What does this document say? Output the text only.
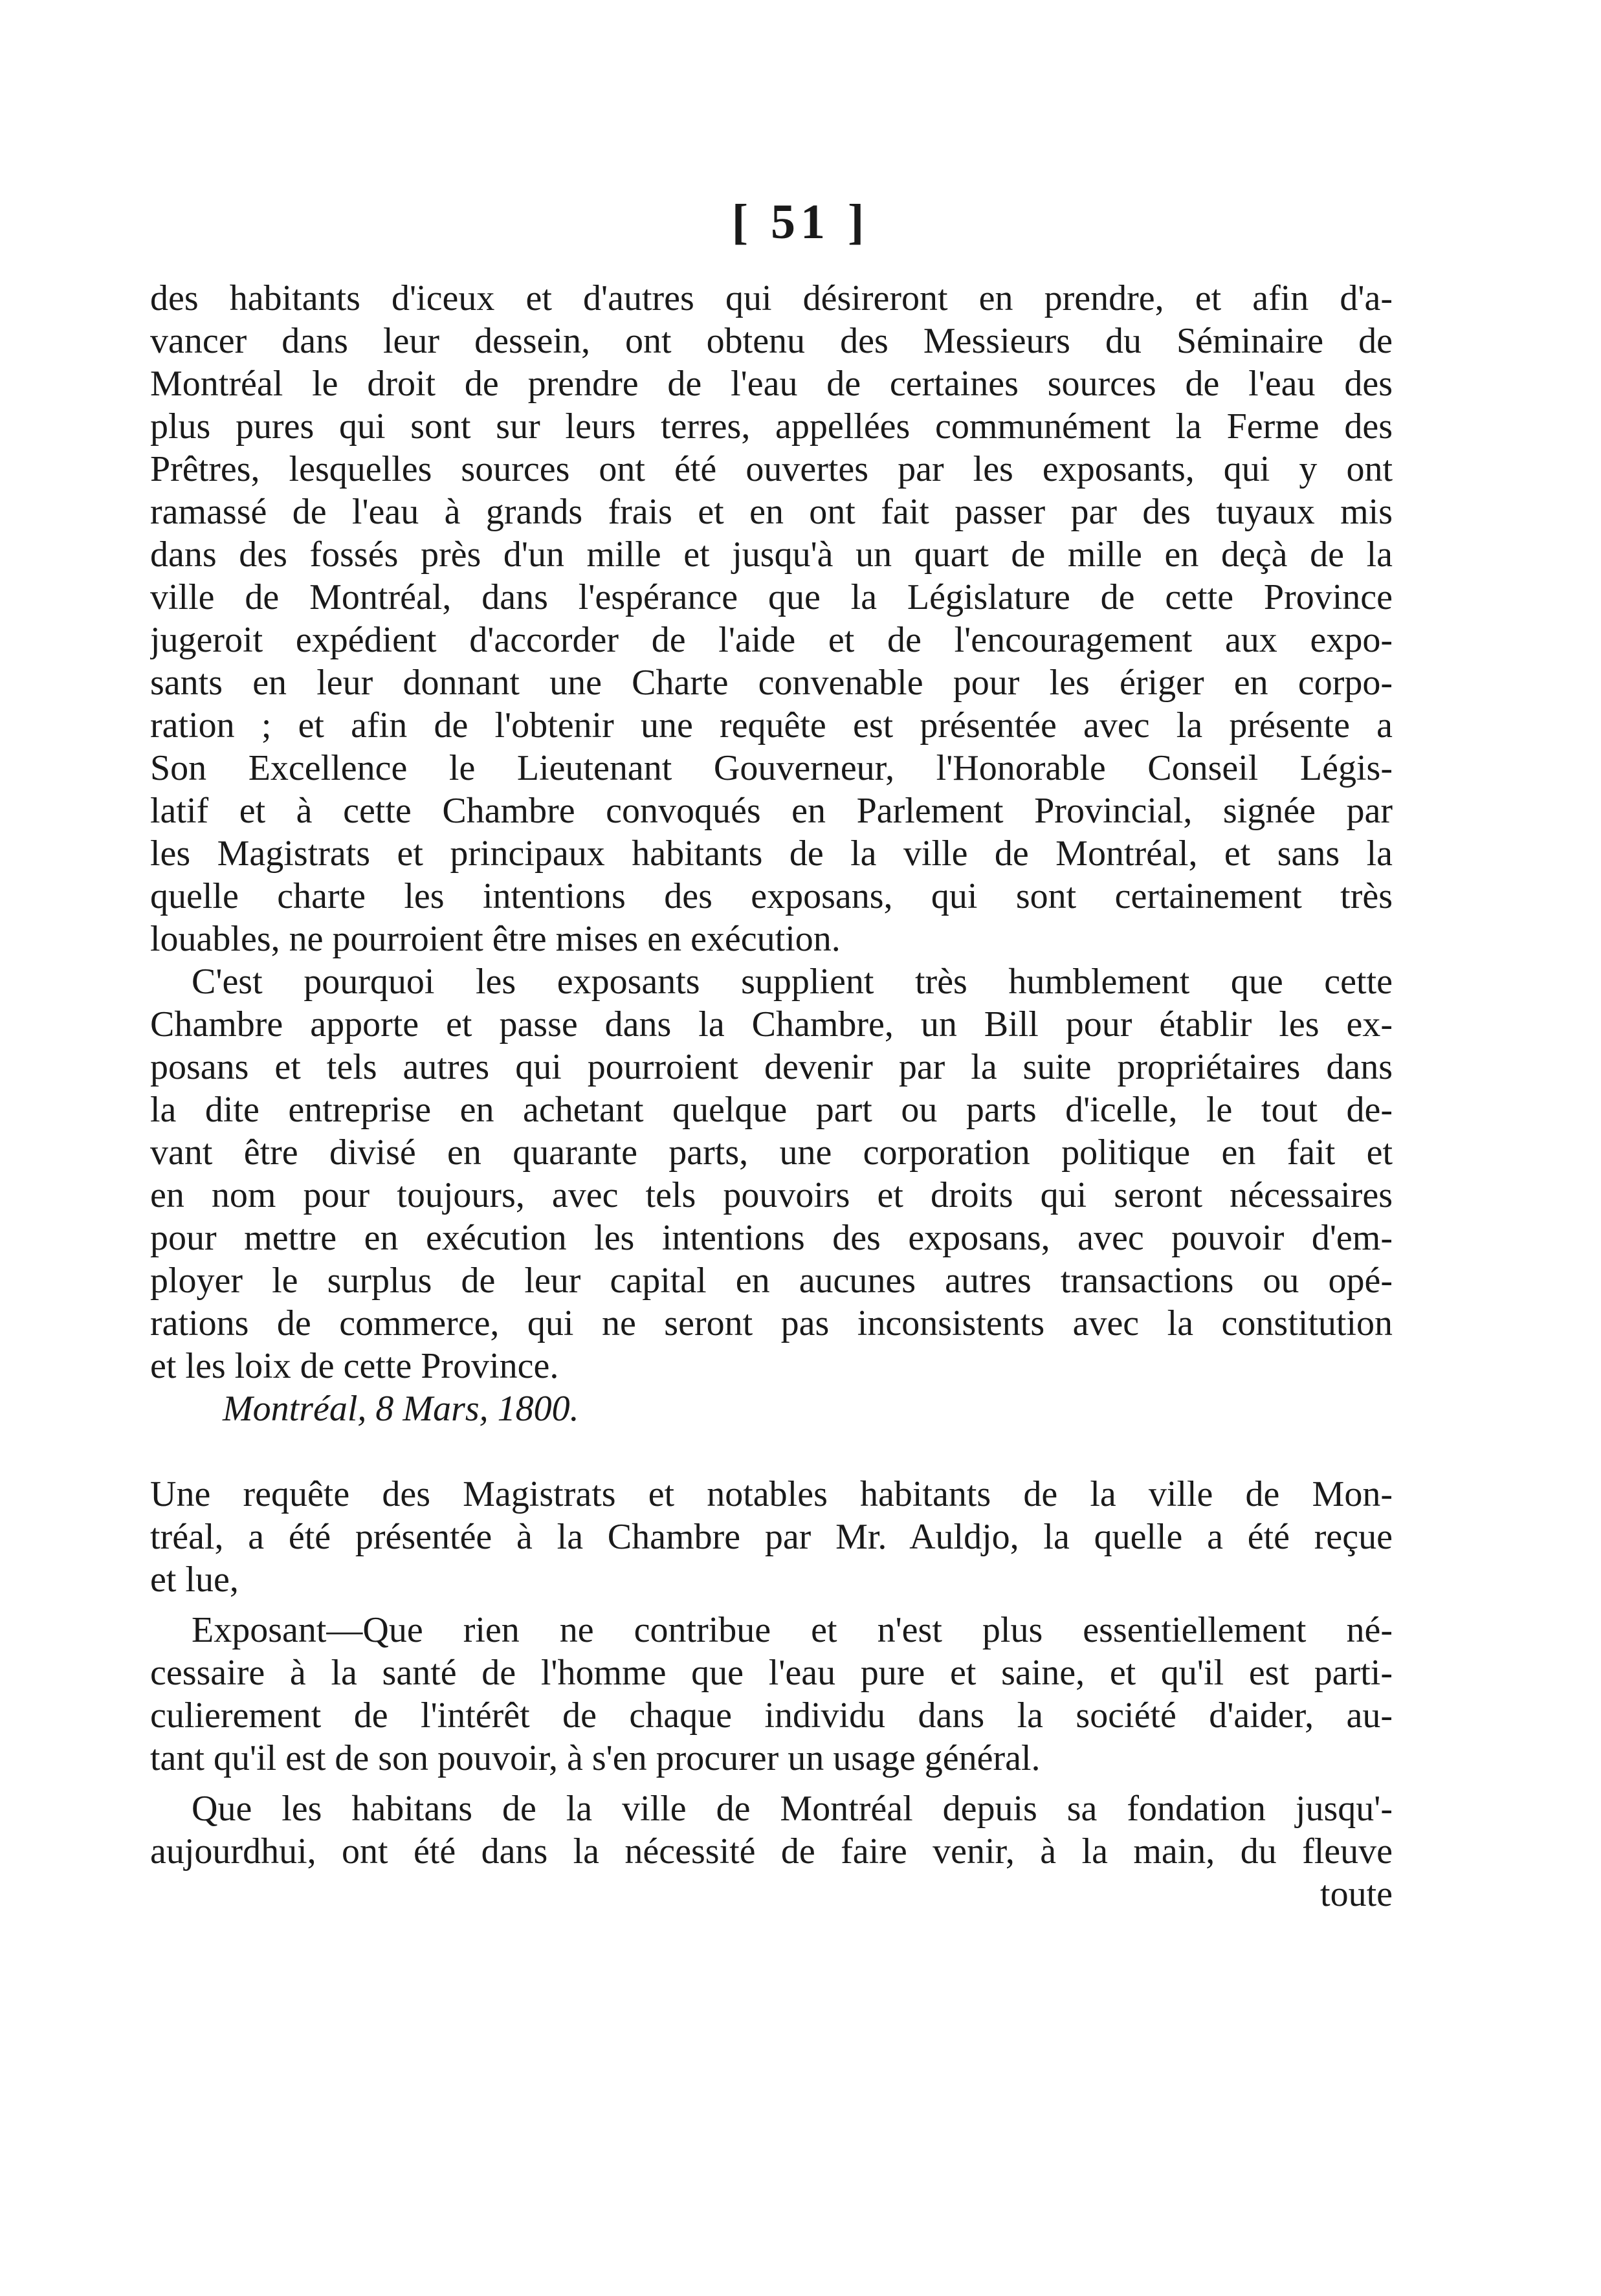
[ 51 ]
des habitants d'iceux et d'autres qui désireront en prendre, et afin d'a-
vancer dans leur dessein, ont obtenu des Messieurs du Séminaire de
Montréal le droit de prendre de l'eau de certaines sources de l'eau des
plus pures qui sont sur leurs terres, appellées communément la Ferme des
Prêtres, lesquelles sources ont été ouvertes par les exposants, qui y ont
ramassé de l'eau à grands frais et en ont fait passer par des tuyaux mis
dans des fossés près d'un mille et jusqu'à un quart de mille en deçà de la
ville de Montréal, dans l'espérance que la Législature de cette Province
jugeroit expédient d'accorder de l'aide et de l'encouragement aux expo-
sants en leur donnant une Charte convenable pour les ériger en corpo-
ration ; et afin de l'obtenir une requête est présentée avec la présente a
Son Excellence le Lieutenant Gouverneur, l'Honorable Conseil Légis-
latif et à cette Chambre convoqués en Parlement Provincial, signée par
les Magistrats et principaux habitants de la ville de Montréal, et sans la
quelle charte les intentions des exposans, qui sont certainement très
louables, ne pourroient être mises en exécution.
C'est pourquoi les exposants supplient très humblement que cette
Chambre apporte et passe dans la Chambre, un Bill pour établir les ex-
posans et tels autres qui pourroient devenir par la suite propriétaires dans
la dite entreprise en achetant quelque part ou parts d'icelle, le tout de-
vant être divisé en quarante parts, une corporation politique en fait et
en nom pour toujours, avec tels pouvoirs et droits qui seront nécessaires
pour mettre en exécution les intentions des exposans, avec pouvoir d'em-
ployer le surplus de leur capital en aucunes autres transactions ou opé-
rations de commerce, qui ne seront pas inconsistents avec la constitution
et les loix de cette Province.
Montréal, 8 Mars, 1800.
Une requête des Magistrats et notables habitants de la ville de Mon-
tréal, a été présentée à la Chambre par Mr. Auldjo, la quelle a été reçue
et lue,
Exposant—Que rien ne contribue et n'est plus essentiellement né-
cessaire à la santé de l'homme que l'eau pure et saine, et qu'il est parti-
culierement de l'intérêt de chaque individu dans la société d'aider, au-
tant qu'il est de son pouvoir, à s'en procurer un usage général.
Que les habitans de la ville de Montréal depuis sa fondation jusqu'-
aujourdhui, ont été dans la nécessité de faire venir, à la main, du fleuve
toute
